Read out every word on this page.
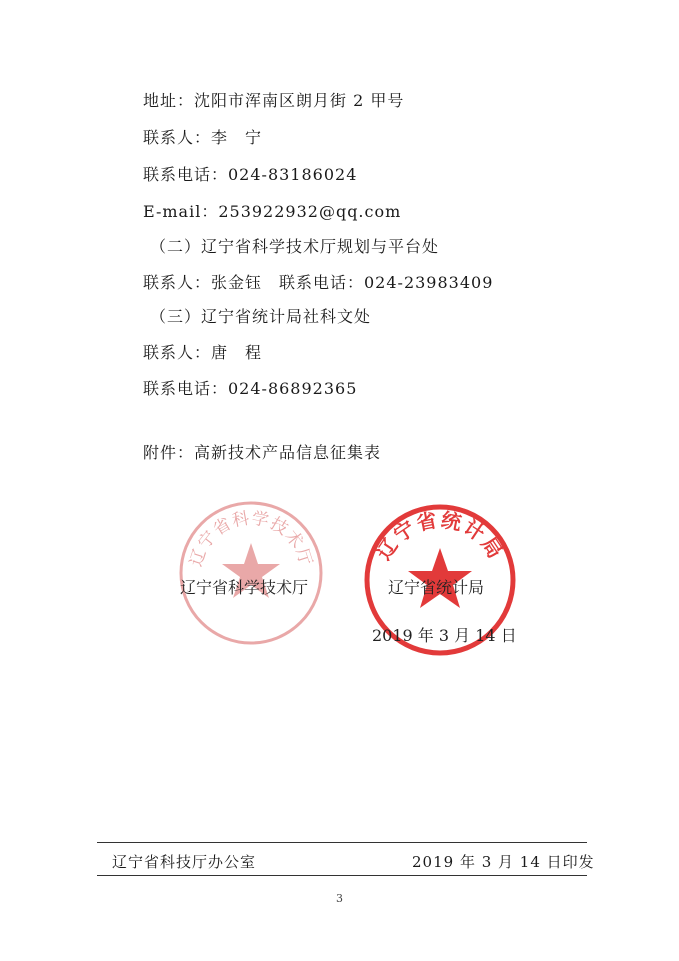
地址：沈阳市浑南区朗月街 2 甲号
联系人：李　宁
联系电话：024-83186024
E-mail：253922932@qq.com
（二）辽宁省科学技术厅规划与平台处
联系人：张金钰　联系电话：024-23983409
（三）辽宁省统计局社科文处
联系人：唐　程
联系电话：024-86892365
附件：高新技术产品信息征集表
辽宁省科学技术厅	辽宁省统计局
辽宁省科学技术厅	辽宁省统计局
2019 年 3 月 14 日
辽宁省科技厅办公室	2019 年 3 月 14 日印发
3
